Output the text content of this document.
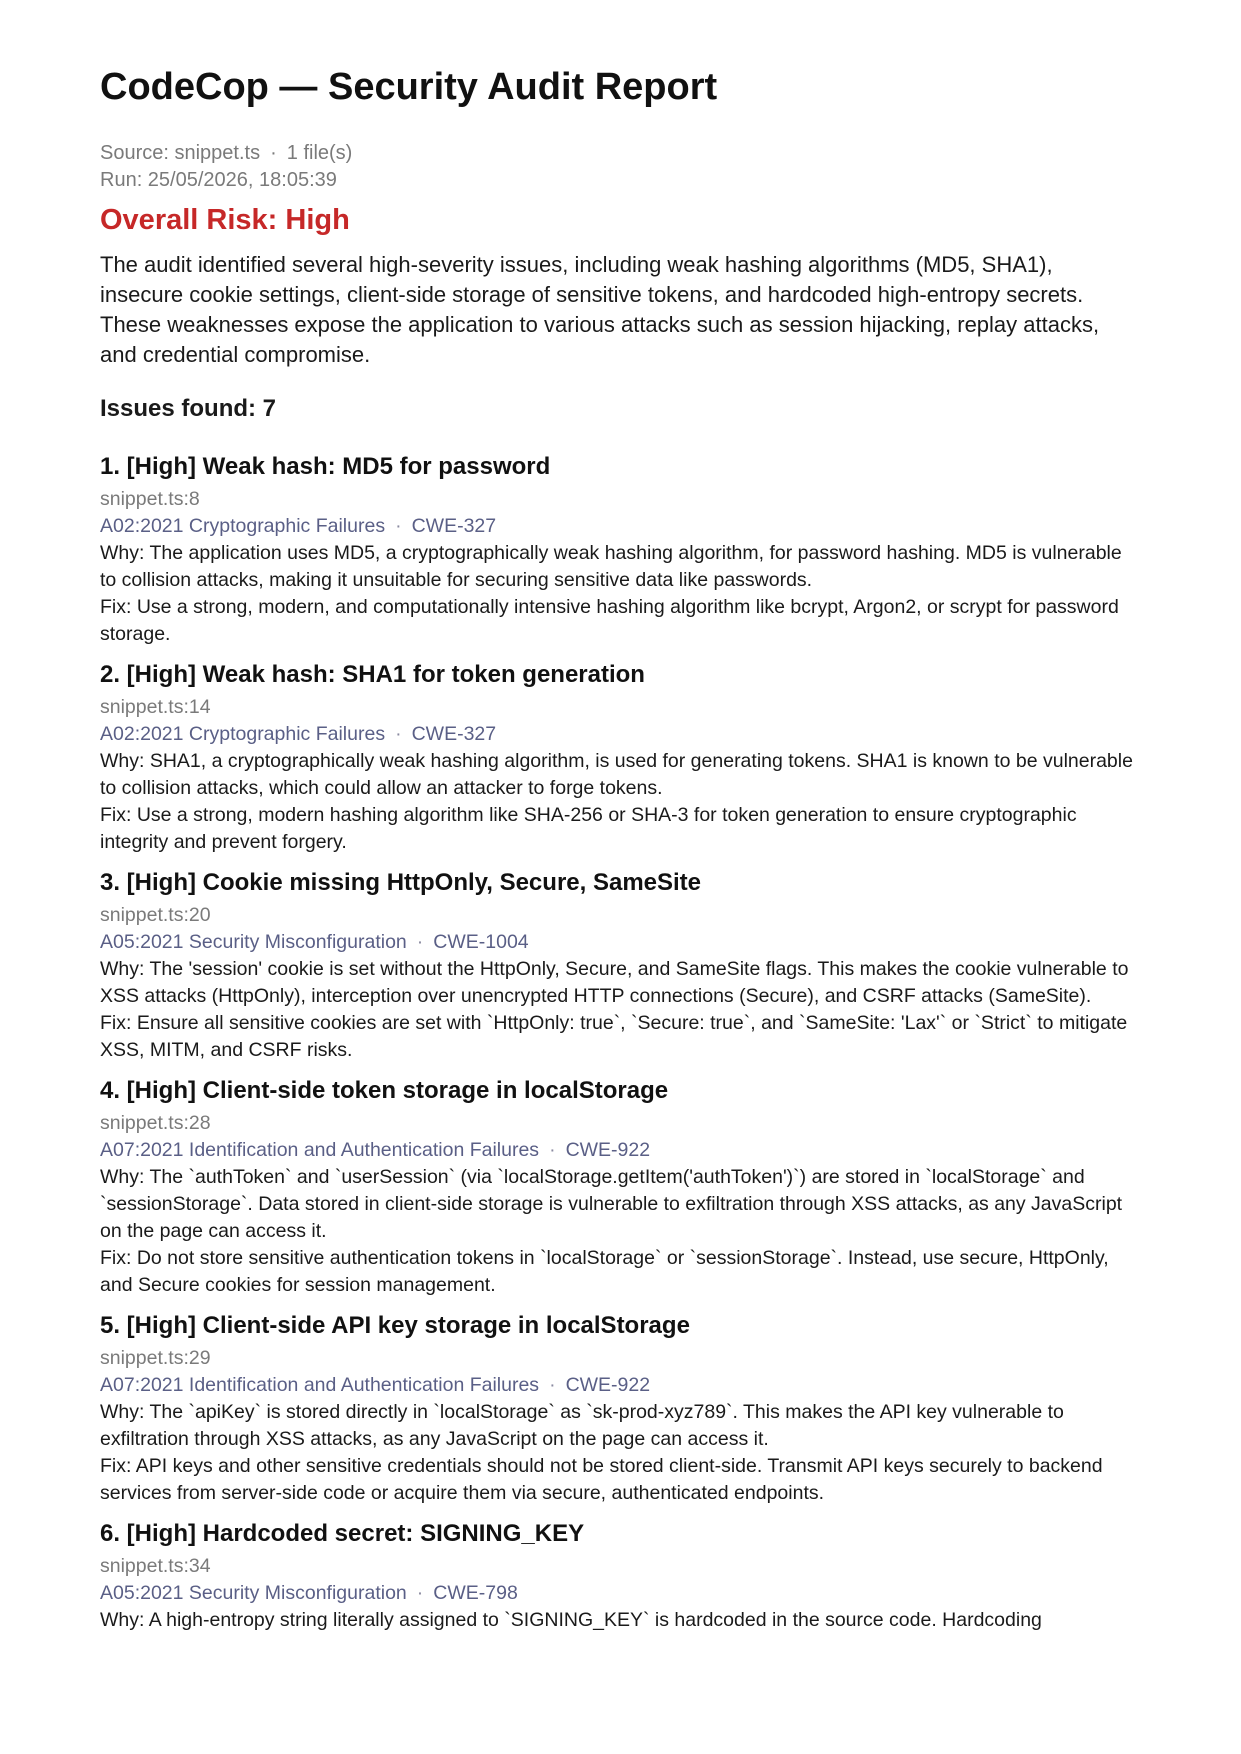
CodeCop — Security Audit Report
Source: snippet.ts · 1 file(s)
Run: 25/05/2026, 18:05:39
Overall Risk: High

The audit identified several high-severity issues, including weak hashing algorithms (MD5, SHA1), insecure cookie settings, client-side storage of sensitive tokens, and hardcoded high-entropy secrets. These weaknesses expose the application to various attacks such as session hijacking, replay attacks, and credential compromise.

Issues found: 7
1. [High] Weak hash: MD5 for password
snippet.ts:8
A02:2021 Cryptographic Failures · CWE-327
Why: The application uses MD5, a cryptographically weak hashing algorithm, for password hashing. MD5 is vulnerable to collision attacks, making it unsuitable for securing sensitive data like passwords.
Fix: Use a strong, modern, and computationally intensive hashing algorithm like bcrypt, Argon2, or scrypt for password storage.
2. [High] Weak hash: SHA1 for token generation
snippet.ts:14
A02:2021 Cryptographic Failures · CWE-327
Why: SHA1, a cryptographically weak hashing algorithm, is used for generating tokens. SHA1 is known to be vulnerable to collision attacks, which could allow an attacker to forge tokens.
Fix: Use a strong, modern hashing algorithm like SHA-256 or SHA-3 for token generation to ensure cryptographic integrity and prevent forgery.
3. [High] Cookie missing HttpOnly, Secure, SameSite
snippet.ts:20
A05:2021 Security Misconfiguration · CWE-1004
Why: The 'session' cookie is set without the HttpOnly, Secure, and SameSite flags. This makes the cookie vulnerable to XSS attacks (HttpOnly), interception over unencrypted HTTP connections (Secure), and CSRF attacks (SameSite).
Fix: Ensure all sensitive cookies are set with `HttpOnly: true`, `Secure: true`, and `SameSite: 'Lax'` or `Strict` to mitigate XSS, MITM, and CSRF risks.
4. [High] Client-side token storage in localStorage
snippet.ts:28
A07:2021 Identification and Authentication Failures · CWE-922
Why: The `authToken` and `userSession` (via `localStorage.getItem('authToken')`) are stored in `localStorage` and `sessionStorage`. Data stored in client-side storage is vulnerable to exfiltration through XSS attacks, as any JavaScript on the page can access it.
Fix: Do not store sensitive authentication tokens in `localStorage` or `sessionStorage`. Instead, use secure, HttpOnly, and Secure cookies for session management.
5. [High] Client-side API key storage in localStorage
snippet.ts:29
A07:2021 Identification and Authentication Failures · CWE-922
Why: The `apiKey` is stored directly in `localStorage` as `sk-prod-xyz789`. This makes the API key vulnerable to exfiltration through XSS attacks, as any JavaScript on the page can access it.
Fix: API keys and other sensitive credentials should not be stored client-side. Transmit API keys securely to backend services from server-side code or acquire them via secure, authenticated endpoints.
6. [High] Hardcoded secret: SIGNING_KEY
snippet.ts:34
A05:2021 Security Misconfiguration · CWE-798
Why: A high-entropy string literally assigned to `SIGNING_KEY` is hardcoded in the source code. Hardcoding
